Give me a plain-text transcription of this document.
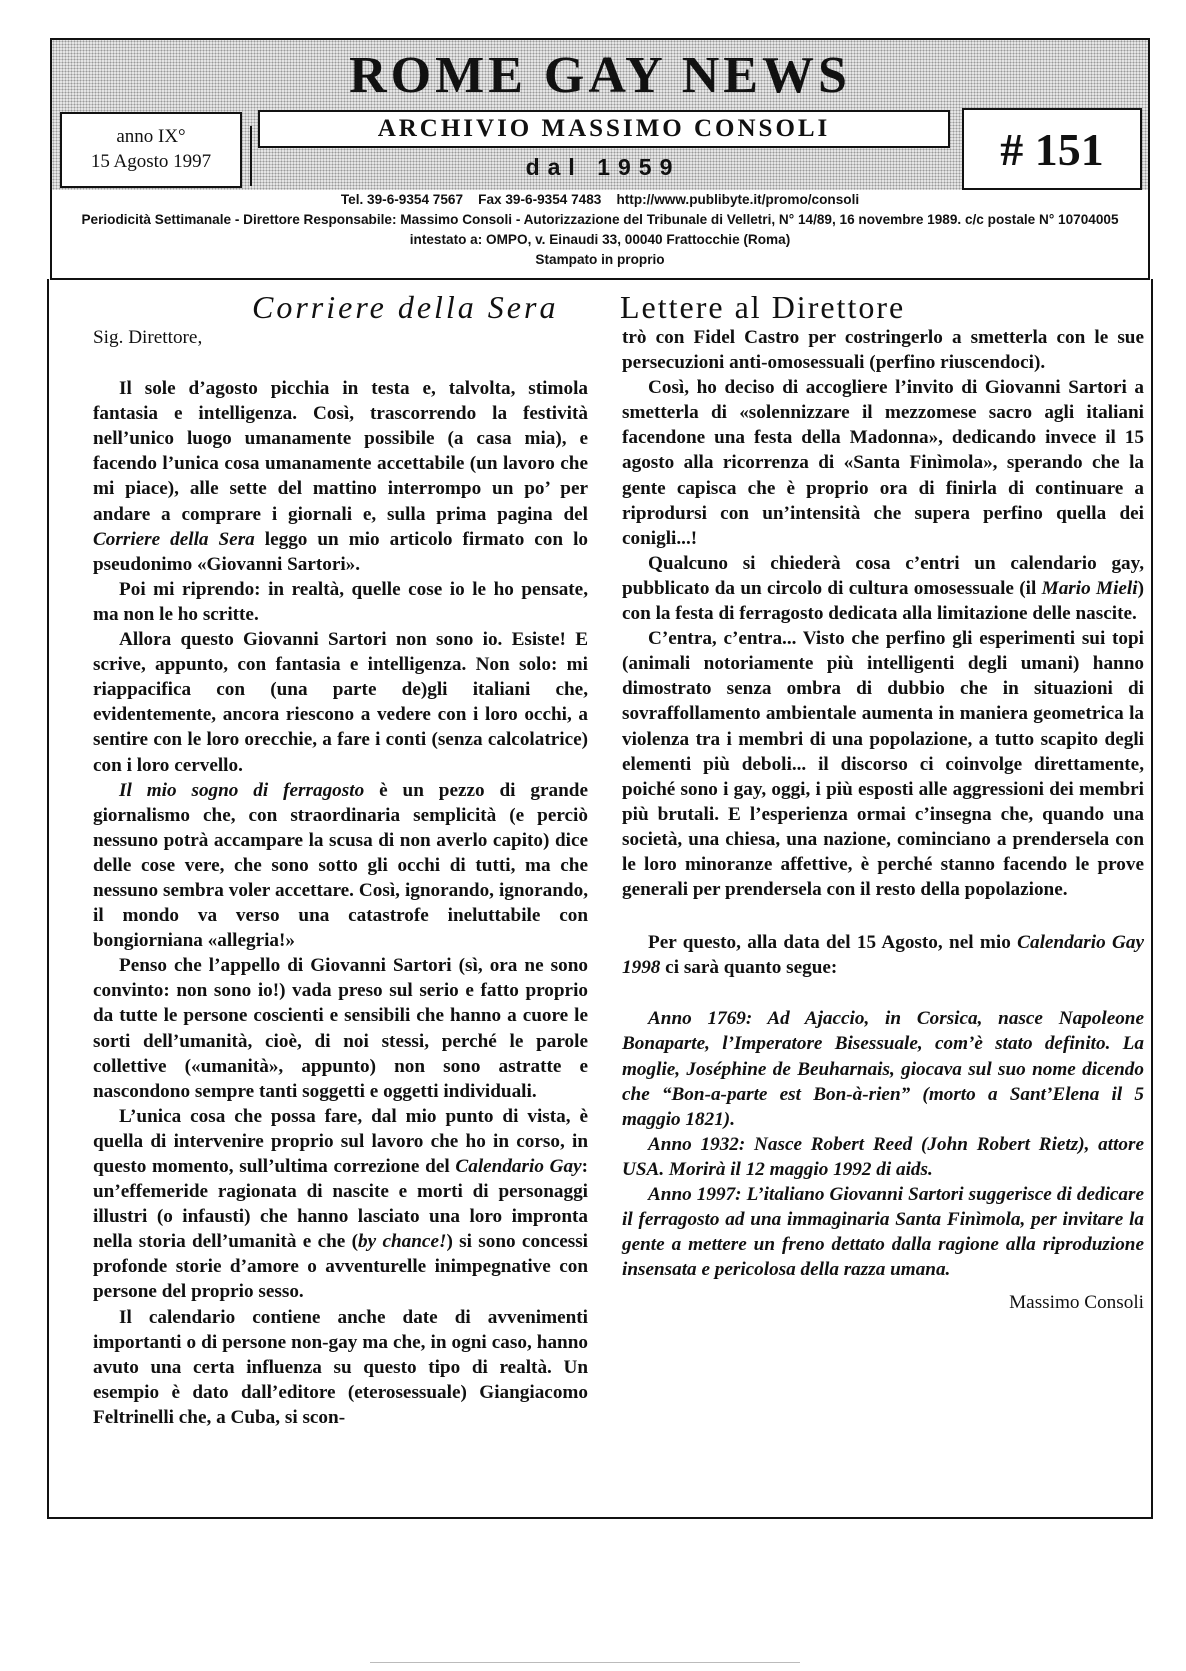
ROME GAY NEWS
anno IX°
15 Agosto 1997
ARCHIVIO MASSIMO CONSOLI
dal 1959	# 151
Tel. 39-6-9354 7567    Fax 39-6-9354 7483    http://www.publibyte.it/promo/consoli
Periodicità Settimanale - Direttore Responsabile: Massimo Consoli - Autorizzazione del Tribunale di Velletri, N° 14/89, 16 novembre 1989. c/c postale N° 10704005 intestato a: OMPO, v. Einaudi 33, 00040 Frattocchie (Roma)
Stampato in proprio
Corriere della Sera Lettere al Direttore

Sig. Direttore,

Il sole d’agosto picchia in testa e, talvolta, stimola fantasia e intelligenza. Così, trascorrendo la festività nell’unico luogo umanamente possibile (a casa mia), e facendo l’unica cosa umanamente accettabile (un lavoro che mi piace), alle sette del mattino interrompo un po’ per andare a comprare i giornali e, sulla prima pagina del Corriere della Sera leggo un mio articolo firmato con lo pseudonimo «Giovanni Sartori».

Poi mi riprendo: in realtà, quelle cose io le ho pensate, ma non le ho scritte.

Allora questo Giovanni Sartori non sono io. Esiste! E scrive, appunto, con fantasia e intelligenza. Non solo: mi riappacifica con (una parte de)gli italiani che, evidentemente, ancora riescono a vedere con i loro occhi, a sentire con le loro orecchie, a fare i conti (senza calcolatrice) con i loro cervello.

Il mio sogno di ferragosto è un pezzo di grande giornalismo che, con straordinaria semplicità (e perciò nessuno potrà accampare la scusa di non averlo capito) dice delle cose vere, che sono sotto gli occhi di tutti, ma che nessuno sembra voler accettare. Così, ignorando, ignorando, il mondo va verso una catastrofe ineluttabile con bongiorniana «allegria!»

Penso che l’appello di Giovanni Sartori (sì, ora ne sono convinto: non sono io!) vada preso sul serio e fatto proprio da tutte le persone coscienti e sensibili che hanno a cuore le sorti dell’umanità, cioè, di noi stessi, perché le parole collettive («umanità», appunto) non sono astratte e nascondono sempre tanti soggetti e oggetti individuali.

L’unica cosa che possa fare, dal mio punto di vista, è quella di intervenire proprio sul lavoro che ho in corso, in questo momento, sull’ultima correzione del Calendario Gay: un’effemeride ragionata di nascite e morti di personaggi illustri (o infausti) che hanno lasciato una loro impronta nella storia dell’umanità e che (by chance!) si sono concessi profonde storie d’amore o avventurelle inimpegnative con persone del proprio sesso.

Il calendario contiene anche date di avvenimenti importanti o di persone non-gay ma che, in ogni caso, hanno avuto una certa influenza su questo tipo di realtà. Un esempio è dato dall’editore (eterosessuale) Giangiacomo Feltrinelli che, a Cuba, si scon-

trò con Fidel Castro per costringerlo a smetterla con le sue persecuzioni anti-omosessuali (perfino riuscendoci).

Così, ho deciso di accogliere l’invito di Giovanni Sartori a smetterla di «solennizzare il mezzomese sacro agli italiani facendone una festa della Madonna», dedicando invece il 15 agosto alla ricorrenza di «Santa Finìmola», sperando che la gente capisca che è proprio ora di finirla di continuare a riprodursi con un’intensità che supera perfino quella dei conigli...!

Qualcuno si chiederà cosa c’entri un calendario gay, pubblicato da un circolo di cultura omosessuale (il Mario Mieli) con la festa di ferragosto dedicata alla limitazione delle nascite.

C’entra, c’entra... Visto che perfino gli esperimenti sui topi (animali notoriamente più intelligenti degli umani) hanno dimostrato senza ombra di dubbio che in situazioni di sovraffollamento ambientale aumenta in maniera geometrica la violenza tra i membri di una popolazione, a tutto scapito degli elementi più deboli... il discorso ci coinvolge direttamente, poiché sono i gay, oggi, i più esposti alle aggressioni dei membri più brutali. E l’esperienza ormai c’insegna che, quando una società, una chiesa, una nazione, cominciano a prendersela con le loro minoranze affettive, è perché stanno facendo le prove generali per prendersela con il resto della popolazione.

Per questo, alla data del 15 Agosto, nel mio Calendario Gay 1998 ci sarà quanto segue:

Anno 1769: Ad Ajaccio, in Corsica, nasce Napoleone Bonaparte, l’Imperatore Bisessuale, com’è stato definito. La moglie, Joséphine de Beuharnais, giocava sul suo nome dicendo che “Bon-a-parte est Bon-à-rien” (morto a Sant’Elena il 5 maggio 1821).

Anno 1932: Nasce Robert Reed (John Robert Rietz), attore USA. Morirà il 12 maggio 1992 di aids.

Anno 1997: L’italiano Giovanni Sartori suggerisce di dedicare il ferragosto ad una immaginaria Santa Finìmola, per invitare la gente a mettere un freno dettato dalla ragione alla riproduzione insensata e pericolosa della razza umana.

Massimo Consoli
